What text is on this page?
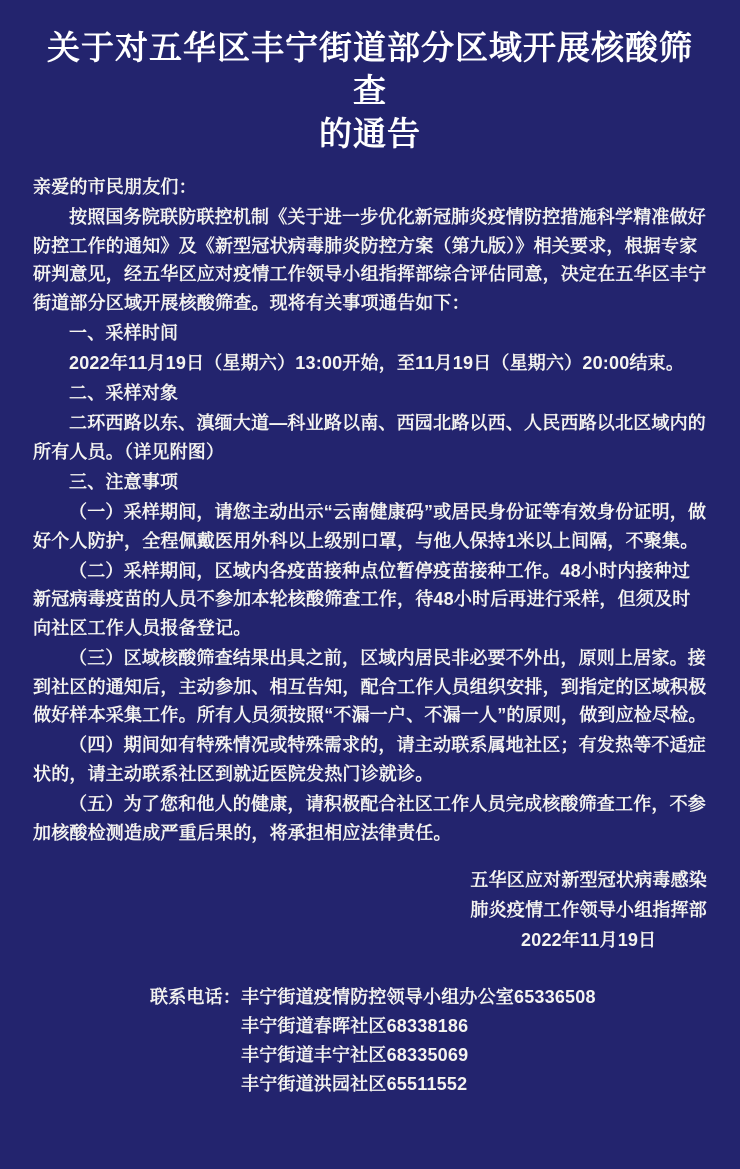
关于对五华区丰宁街道部分区域开展核酸筛查
的通告

亲爱的市民朋友们：

按照国务院联防联控机制《关于进一步优化新冠肺炎疫情防控措施科学精准做好防控工作的通知》及《新型冠状病毒肺炎防控方案（第九版）》相关要求，根据专家研判意见，经五华区应对疫情工作领导小组指挥部综合评估同意，决定在五华区丰宁街道部分区域开展核酸筛查。现将有关事项通告如下：

一、采样时间

2022年11月19日（星期六）13:00开始，至11月19日（星期六）20:00结束。

二、采样对象

二环西路以东、滇缅大道—科业路以南、西园北路以西、人民西路以北区域内的所有人员。（详见附图）

三、注意事项

（一）采样期间，请您主动出示“云南健康码”或居民身份证等有效身份证明，做好个人防护，全程佩戴医用外科以上级别口罩，与他人保持1米以上间隔，不聚集。

（二）采样期间，区域内各疫苗接种点位暂停疫苗接种工作。48小时内接种过新冠病毒疫苗的人员不参加本轮核酸筛查工作，待48小时后再进行采样，但须及时向社区工作人员报备登记。

（三）区域核酸筛查结果出具之前，区域内居民非必要不外出，原则上居家。接到社区的通知后，主动参加、相互告知，配合工作人员组织安排，到指定的区域积极做好样本采集工作。所有人员须按照“不漏一户、不漏一人”的原则，做到应检尽检。

（四）期间如有特殊情况或特殊需求的，请主动联系属地社区；有发热等不适症状的，请主动联系社区到就近医院发热门诊就诊。

（五）为了您和他人的健康，请积极配合社区工作人员完成核酸筛查工作，不参加核酸检测造成严重后果的，将承担相应法律责任。

五华区应对新型冠状病毒感染
肺炎疫情工作领导小组指挥部
2022年11月19日
联系电话： 丰宁街道疫情防控领导小组办公室65336508
丰宁街道春晖社区68338186
丰宁街道丰宁社区68335069
丰宁街道洪园社区65511552
